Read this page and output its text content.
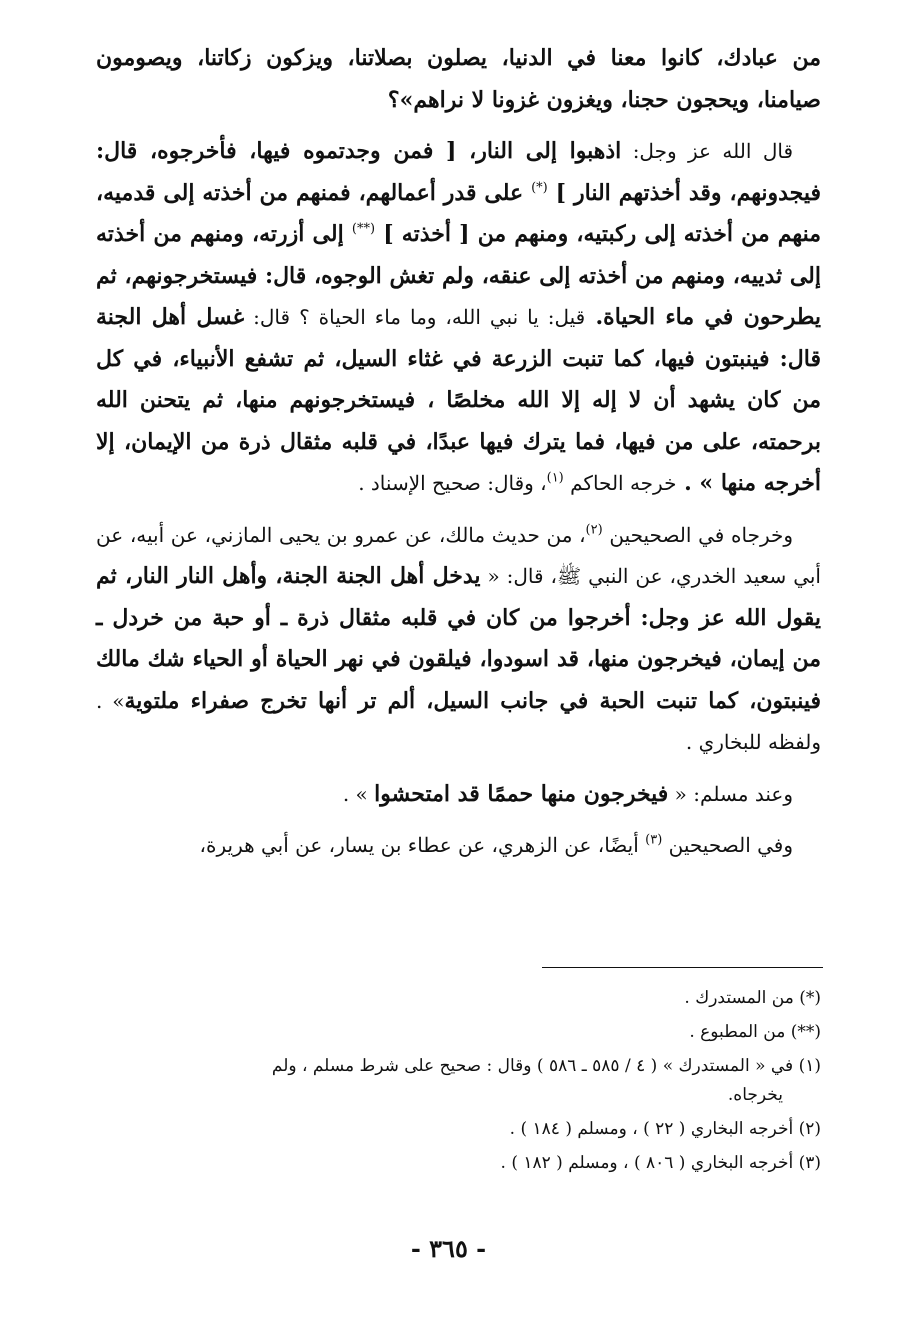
من عبادك، كانوا معنا في الدنيا، يصلون بصلاتنا، ويزكون زكاتنا، ويصومون صيامنا، ويحجون حجنا، ويغزون غزونا لا نراهم»؟

قال الله عز وجل: اذهبوا إلى النار، [ فمن وجدتموه فيها، فأخرجوه، قال: فيجدونهم، وقد أخذتهم النار ] (*) على قدر أعمالهم، فمنهم من أخذته إلى قدميه، منهم من أخذته إلى ركبتيه، ومنهم من [ أخذته ] (**) إلى أزرته، ومنهم من أخذته إلى ثدييه، ومنهم من أخذته إلى عنقه، ولم تغش الوجوه، قال: فيستخرجونهم، ثم يطرحون في ماء الحياة. قيل: يا نبي الله، وما ماء الحياة ؟ قال: غسل أهل الجنة قال: فينبتون فيها، كما تنبت الزرعة في غثاء السيل، ثم تشفع الأنبياء، في كل من كان يشهد أن لا إله إلا الله مخلصًا ، فيستخرجونهم منها، ثم يتحنن الله برحمته، على من فيها، فما يترك فيها عبدًا، في قلبه مثقال ذرة من الإيمان، إلا أخرجه منها » . خرجه الحاكم $^{(١)}$، وقال: صحيح الإسناد .

وخرجاه في الصحيحين $^{(٢)}$، من حديث مالك، عن عمرو بن يحيى المازني، عن أبيه، عن أبي سعيد الخدري، عن النبي ﷺ، قال: « يدخل أهل الجنة الجنة، وأهل النار النار، ثم يقول الله عز وجل: أخرجوا من كان في قلبه مثقال ذرة ـ أو حبة من خردل ـ من إيمان، فيخرجون منها، قد اسودوا، فيلقون في نهر الحياة أو الحياء شك مالك فينبتون، كما تنبت الحبة في جانب السيل، ألم تر أنها تخرج صفراء ملتوية» . ولفظه للبخاري .

وعند مسلم: « فيخرجون منها حممًا قد امتحشوا » .

وفي الصحيحين $^{(٣)}$ أيضًا، عن الزهري، عن عطاء بن يسار، عن أبي هريرة،

(*) من المستدرك .
(**) من المطبوع .
(١) في « المستدرك » ( ٤ / ٥٨٥ ـ ٥٨٦ ) وقال : صحيح على شرط مسلم ، ولم
يخرجاه.
(٢) أخرجه البخاري ( ٢٢ ) ، ومسلم ( ١٨٤ ) .
(٣) أخرجه البخاري ( ٨٠٦ ) ، ومسلم ( ١٨٢ ) .
- ٣٦٥ -
